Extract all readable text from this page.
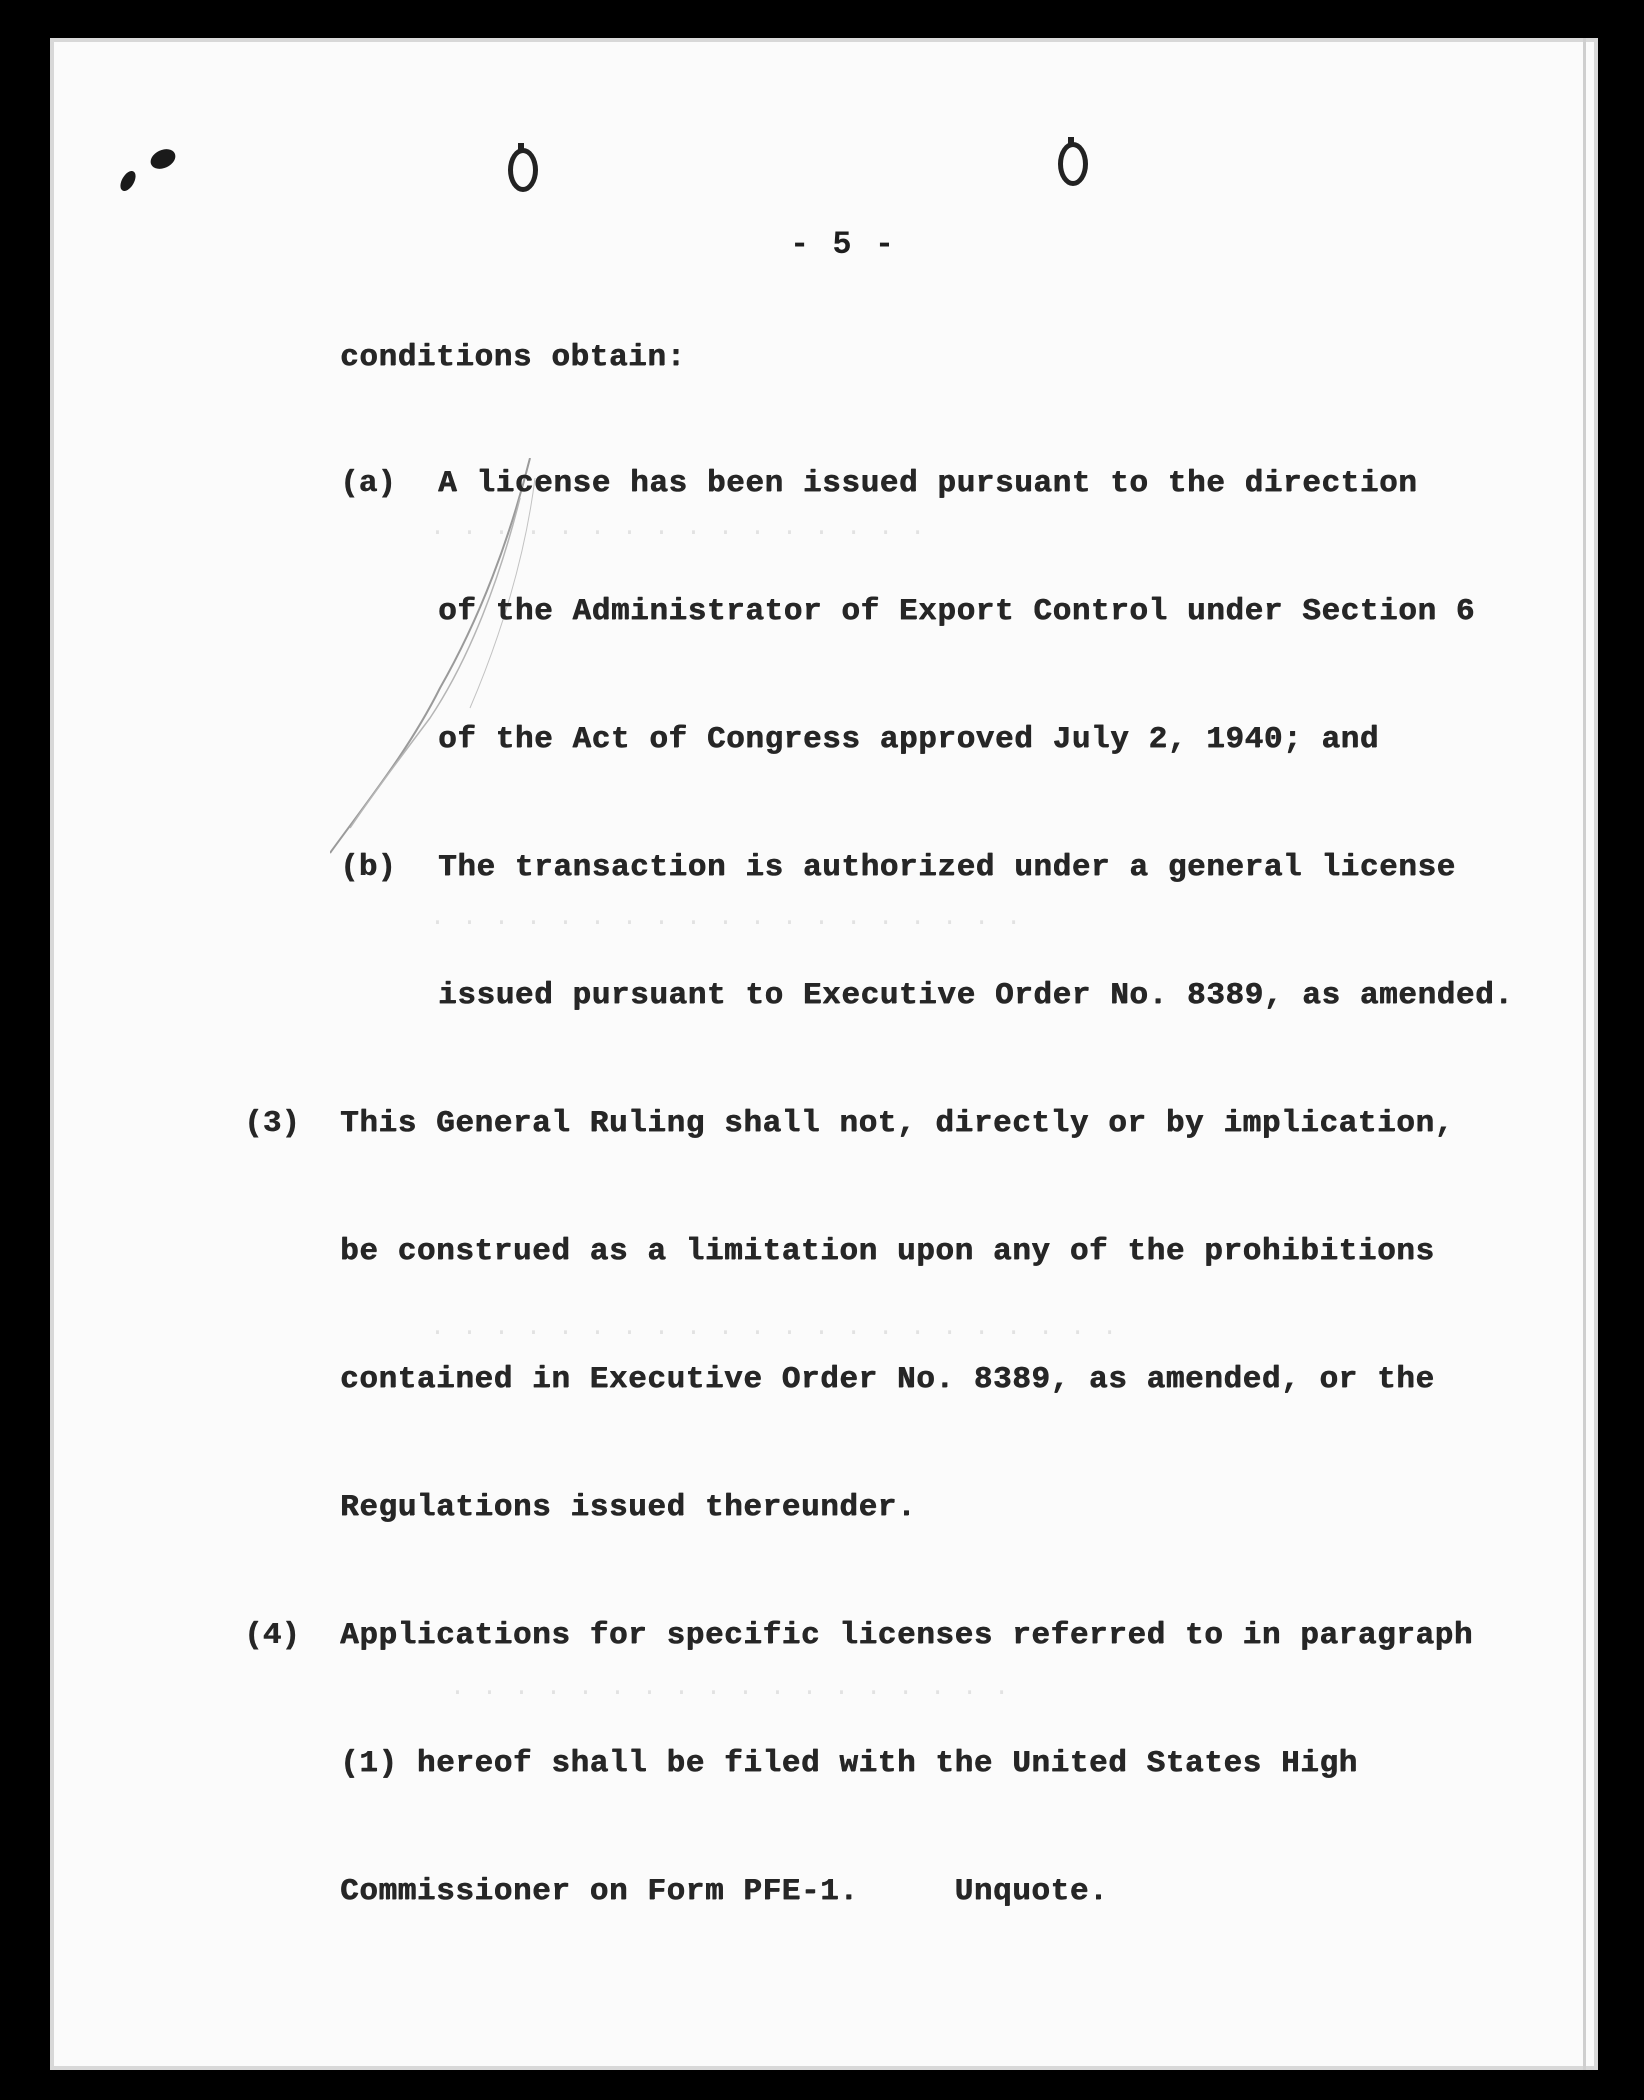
· · · · · · · · · · · · · · · ·
· · · · · · · · · · · · · · · · · · ·
· · · · · · · · · · · · · · · · · · · · · ·
· · · · · · · · · · · · · · · · · ·
- 5 -
conditions obtain:
(a) A license has been issued pursuant to the direction
of the Administrator of Export Control under Section 6
of the Act of Congress approved July 2, 1940; and
(b) The transaction is authorized under a general license
issued pursuant to Executive Order No. 8389, as amended.
(3) This General Ruling shall not, directly or by implication,
be construed as a limitation upon any of the prohibitions
contained in Executive Order No. 8389, as amended, or the
Regulations issued thereunder.
(4) Applications for specific licenses referred to in paragraph
(1) hereof shall be filed with the United States High
Commissioner on Form PFE-1.     Unquote.
